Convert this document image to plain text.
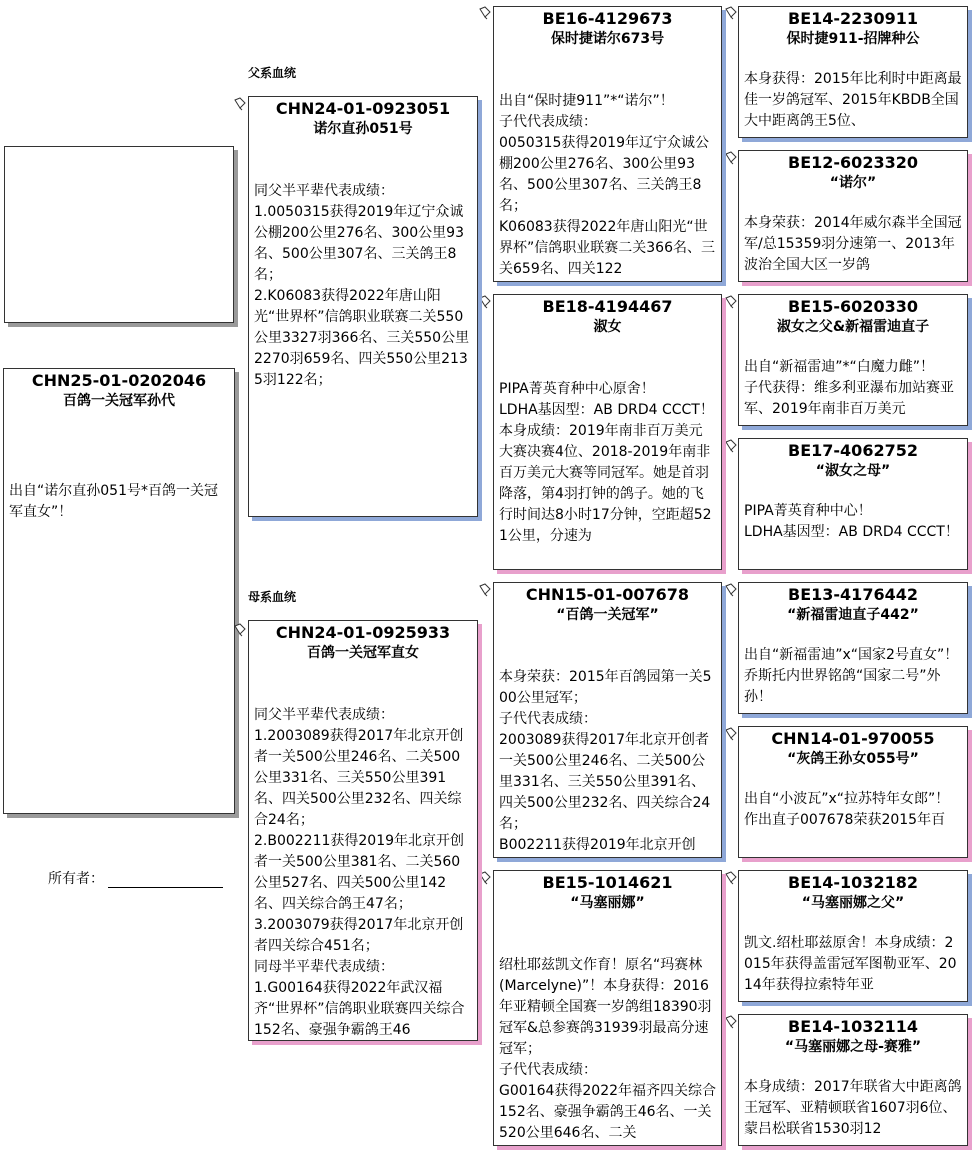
父系血统
母系血统
CHN25-01-0202046
百鸽一关冠军孙代
出自“诺尔直孙051号*百鸽一关冠军直女”！
所有者：
CHN24-01-0923051
诺尔直孙051号
同父半平辈代表成绩：
1.0050315获得2019年辽宁众诚公棚200公里276名、300公里93名、500公里307名、三关鸽王8名；
2.K06083获得2022年唐山阳光“世界杯”信鸽职业联赛二关550公里3327羽366名、三关550公里2270羽659名、四关550公里2135羽122名；
CHN24-01-0925933
百鸽一关冠军直女
同父半平辈代表成绩：
1.2003089获得2017年北京开创者一关500公里246名、二关500公里331名、三关550公里391名、四关500公里232名、四关综合24名；
2.B002211获得2019年北京开创者一关500公里381名、二关560公里527名、四关500公里142名、四关综合鸽王47名；
3.2003079获得2017年北京开创者四关综合451名；
同母半平辈代表成绩：
1.G00164获得2022年武汉福齐“世界杯”信鸽职业联赛四关综合152名、豪强争霸鸽王46
BE16-4129673
保时捷诺尔673号
出自“保时捷911”*“诺尔”！
子代代表成绩：
0050315获得2019年辽宁众诚公棚200公里276名、300公里93名、500公里307名、三关鸽王8名；
K06083获得2022年唐山阳光“世界杯”信鸽职业联赛二关366名、三关659名、四关122
BE18-4194467
淑女
PIPA菁英育种中心原舍！
LDHA基因型：AB DRD4 CCCT！
本身成绩：2019年南非百万美元大赛决赛4位、2018-2019年南非百万美元大赛等同冠军。她是首羽降落，第4羽打钟的鸽子。她的飞行时间达8小时17分钟，空距超521公里，分速为
CHN15-01-007678
“百鸽一关冠军”
本身荣获：2015年百鸽园第一关500公里冠军；
子代代表成绩：
2003089获得2017年北京开创者一关500公里246名、二关500公里331名、三关550公里391名、四关500公里232名、四关综合24名；
B002211获得2019年北京开创
BE15-1014621
“马塞丽娜”
绍杜耶兹凯文作育！原名“玛赛林(Marcelyne)”！本身获得：2016年亚精顿全国赛一岁鸽组18390羽冠军&总参赛鸽31939羽最高分速冠军；
子代代表成绩：
G00164获得2022年福齐四关综合152名、豪强争霸鸽王46名、一关520公里646名、二关
BE14-2230911
保时捷911-招牌种公
本身获得：2015年比利时中距离最佳一岁鸽冠军、2015年KBDB全国大中距离鸽王5位、
BE12-6023320
“诺尔”
本身荣获：2014年威尔森半全国冠军/总15359羽分速第一、2013年波治全国大区一岁鸽
BE15-6020330
淑女之父&新福雷迪直子
出自“新福雷迪”*“白魔力雌”！
子代获得：维多利亚瀑布加站赛亚军、2019年南非百万美元
BE17-4062752
“淑女之母”
PIPA菁英育种中心！
LDHA基因型：AB DRD4 CCCT！
BE13-4176442
“新福雷迪直子442”
出自“新福雷迪”x“国家2号直女”！乔斯托内世界铭鸽“国家二号”外孙！
CHN14-01-970055
“灰鸽王孙女055号”
出自“小波瓦”x“拉苏特年女郎”！
作出直子007678荣获2015年百
BE14-1032182
“马塞丽娜之父”
凯文.绍杜耶兹原舍！本身成绩：2015年获得盖雷冠军图勒亚军、2014年获得拉索特年亚
BE14-1032114
“马塞丽娜之母-赛雅”
本身成绩：2017年联省大中距离鸽王冠军、亚精顿联省1607羽6位、蒙吕松联省1530羽12
